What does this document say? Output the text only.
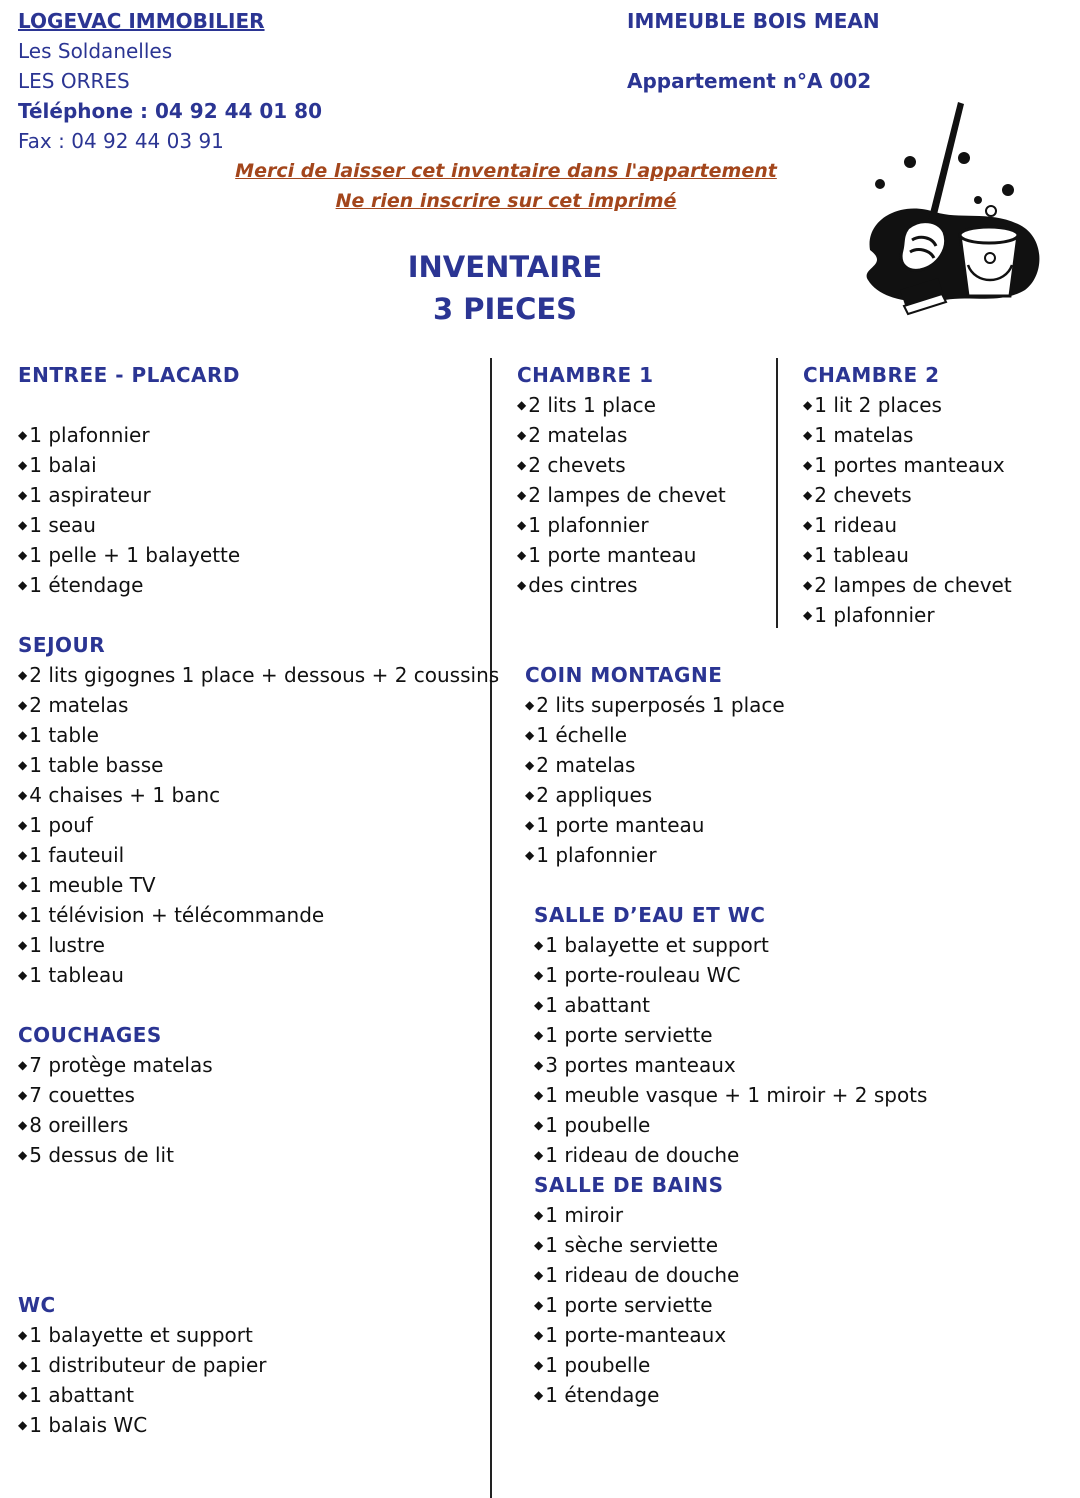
LOGEVAC IMMOBILIER
Les Soldanelles
LES ORRES
Téléphone : 04 92 44 01 80
Fax : 04 92 44 03 91
IMMEUBLE BOIS MEAN
Appartement n°A 002
Merci de laisser cet inventaire dans l'appartement
Ne rien inscrire sur cet imprimé
INVENTAIRE
3 PIECES
ENTREE - PLACARD
◆ 1 plafonnier
◆ 1 balai
◆ 1 aspirateur
◆ 1 seau
◆ 1 pelle + 1 balayette
◆ 1 étendage
SEJOUR
◆ 2 lits gigognes 1 place + dessous + 2 coussins
◆ 2 matelas
◆ 1 table
◆ 1 table basse
◆ 4 chaises + 1 banc
◆ 1 pouf
◆ 1 fauteuil
◆ 1 meuble TV
◆ 1 télévision + télécommande
◆ 1 lustre
◆ 1 tableau
COUCHAGES
◆ 7 protège matelas
◆ 7 couettes
◆ 8 oreillers
◆ 5 dessus de lit
WC
◆ 1 balayette et support
◆ 1 distributeur de papier
◆ 1 abattant
◆ 1 balais WC
CHAMBRE 1
◆ 2 lits 1 place
◆ 2 matelas
◆ 2 chevets
◆ 2 lampes de chevet
◆ 1 plafonnier
◆ 1 porte manteau
◆ des cintres
CHAMBRE 2
◆ 1 lit 2 places
◆ 1 matelas
◆ 1 portes manteaux
◆ 2 chevets
◆ 1 rideau
◆ 1 tableau
◆ 2 lampes de chevet
◆ 1 plafonnier
COIN MONTAGNE
◆ 2 lits superposés 1 place
◆ 1 échelle
◆ 2 matelas
◆ 2 appliques
◆ 1 porte manteau
◆ 1 plafonnier
SALLE D’EAU ET WC
◆ 1 balayette et support
◆ 1 porte-rouleau WC
◆ 1 abattant
◆ 1 porte serviette
◆ 3 portes manteaux
◆ 1 meuble vasque + 1 miroir + 2 spots
◆ 1 poubelle
◆ 1 rideau de douche
SALLE DE BAINS
◆ 1 miroir
◆ 1 sèche serviette
◆ 1 rideau de douche
◆ 1 porte serviette
◆ 1 porte-manteaux
◆ 1 poubelle
◆ 1 étendage
